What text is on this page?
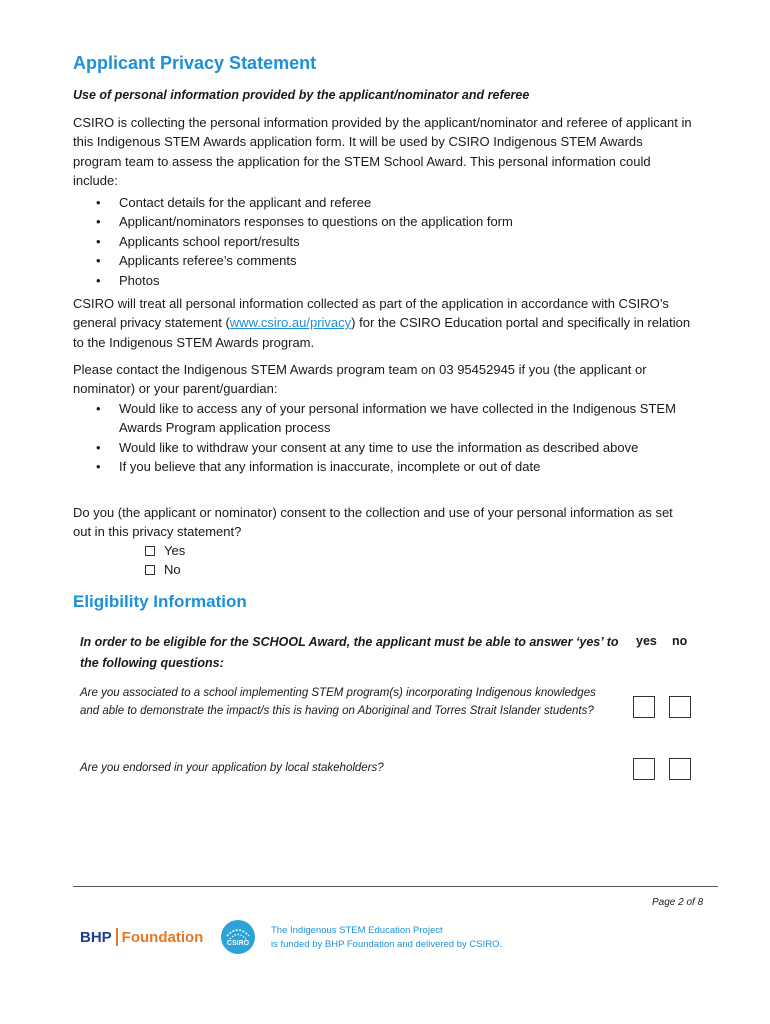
Applicant Privacy Statement
Use of personal information provided by the applicant/nominator and referee

CSIRO is collecting the personal information provided by the applicant/nominator and referee of applicant in this Indigenous STEM Awards application form. It will be used by CSIRO Indigenous STEM Awards program team to assess the application for the STEM School Award. This personal information could include:

• Contact details for the applicant and referee
• Applicant/nominators responses to questions on the application form
• Applicants school report/results
• Applicants referee’s comments
• Photos

CSIRO will treat all personal information collected as part of the application in accordance with CSIRO’s general privacy statement (www.csiro.au/privacy) for the CSIRO Education portal and specifically in relation to the Indigenous STEM Awards program.

Please contact the Indigenous STEM Awards program team on 03 95452945 if you (the applicant or nominator) or your parent/guardian:

• Would like to access any of your personal information we have collected in the Indigenous STEM Awards Program application process
• Would like to withdraw your consent at any time to use the information as described above
• If you believe that any information is inaccurate, incomplete or out of date

Do you (the applicant or nominator) consent to the collection and use of your personal information as set out in this privacy statement?

Yes
No
Eligibility Information
In order to be eligible for the SCHOOL Award, the applicant must be able to answer ‘yes’ to the following questions:
yes no
Are you associated to a school implementing STEM program(s) incorporating Indigenous knowledges and able to demonstrate the impact/s this is having on Aboriginal and Torres Strait Islander students?
Are you endorsed in your application by local stakeholders?
Page 2 of 8
BHP Foundation	CSIRO
The Indigenous STEM Education Project
is funded by BHP Foundation and delivered by CSIRO.
